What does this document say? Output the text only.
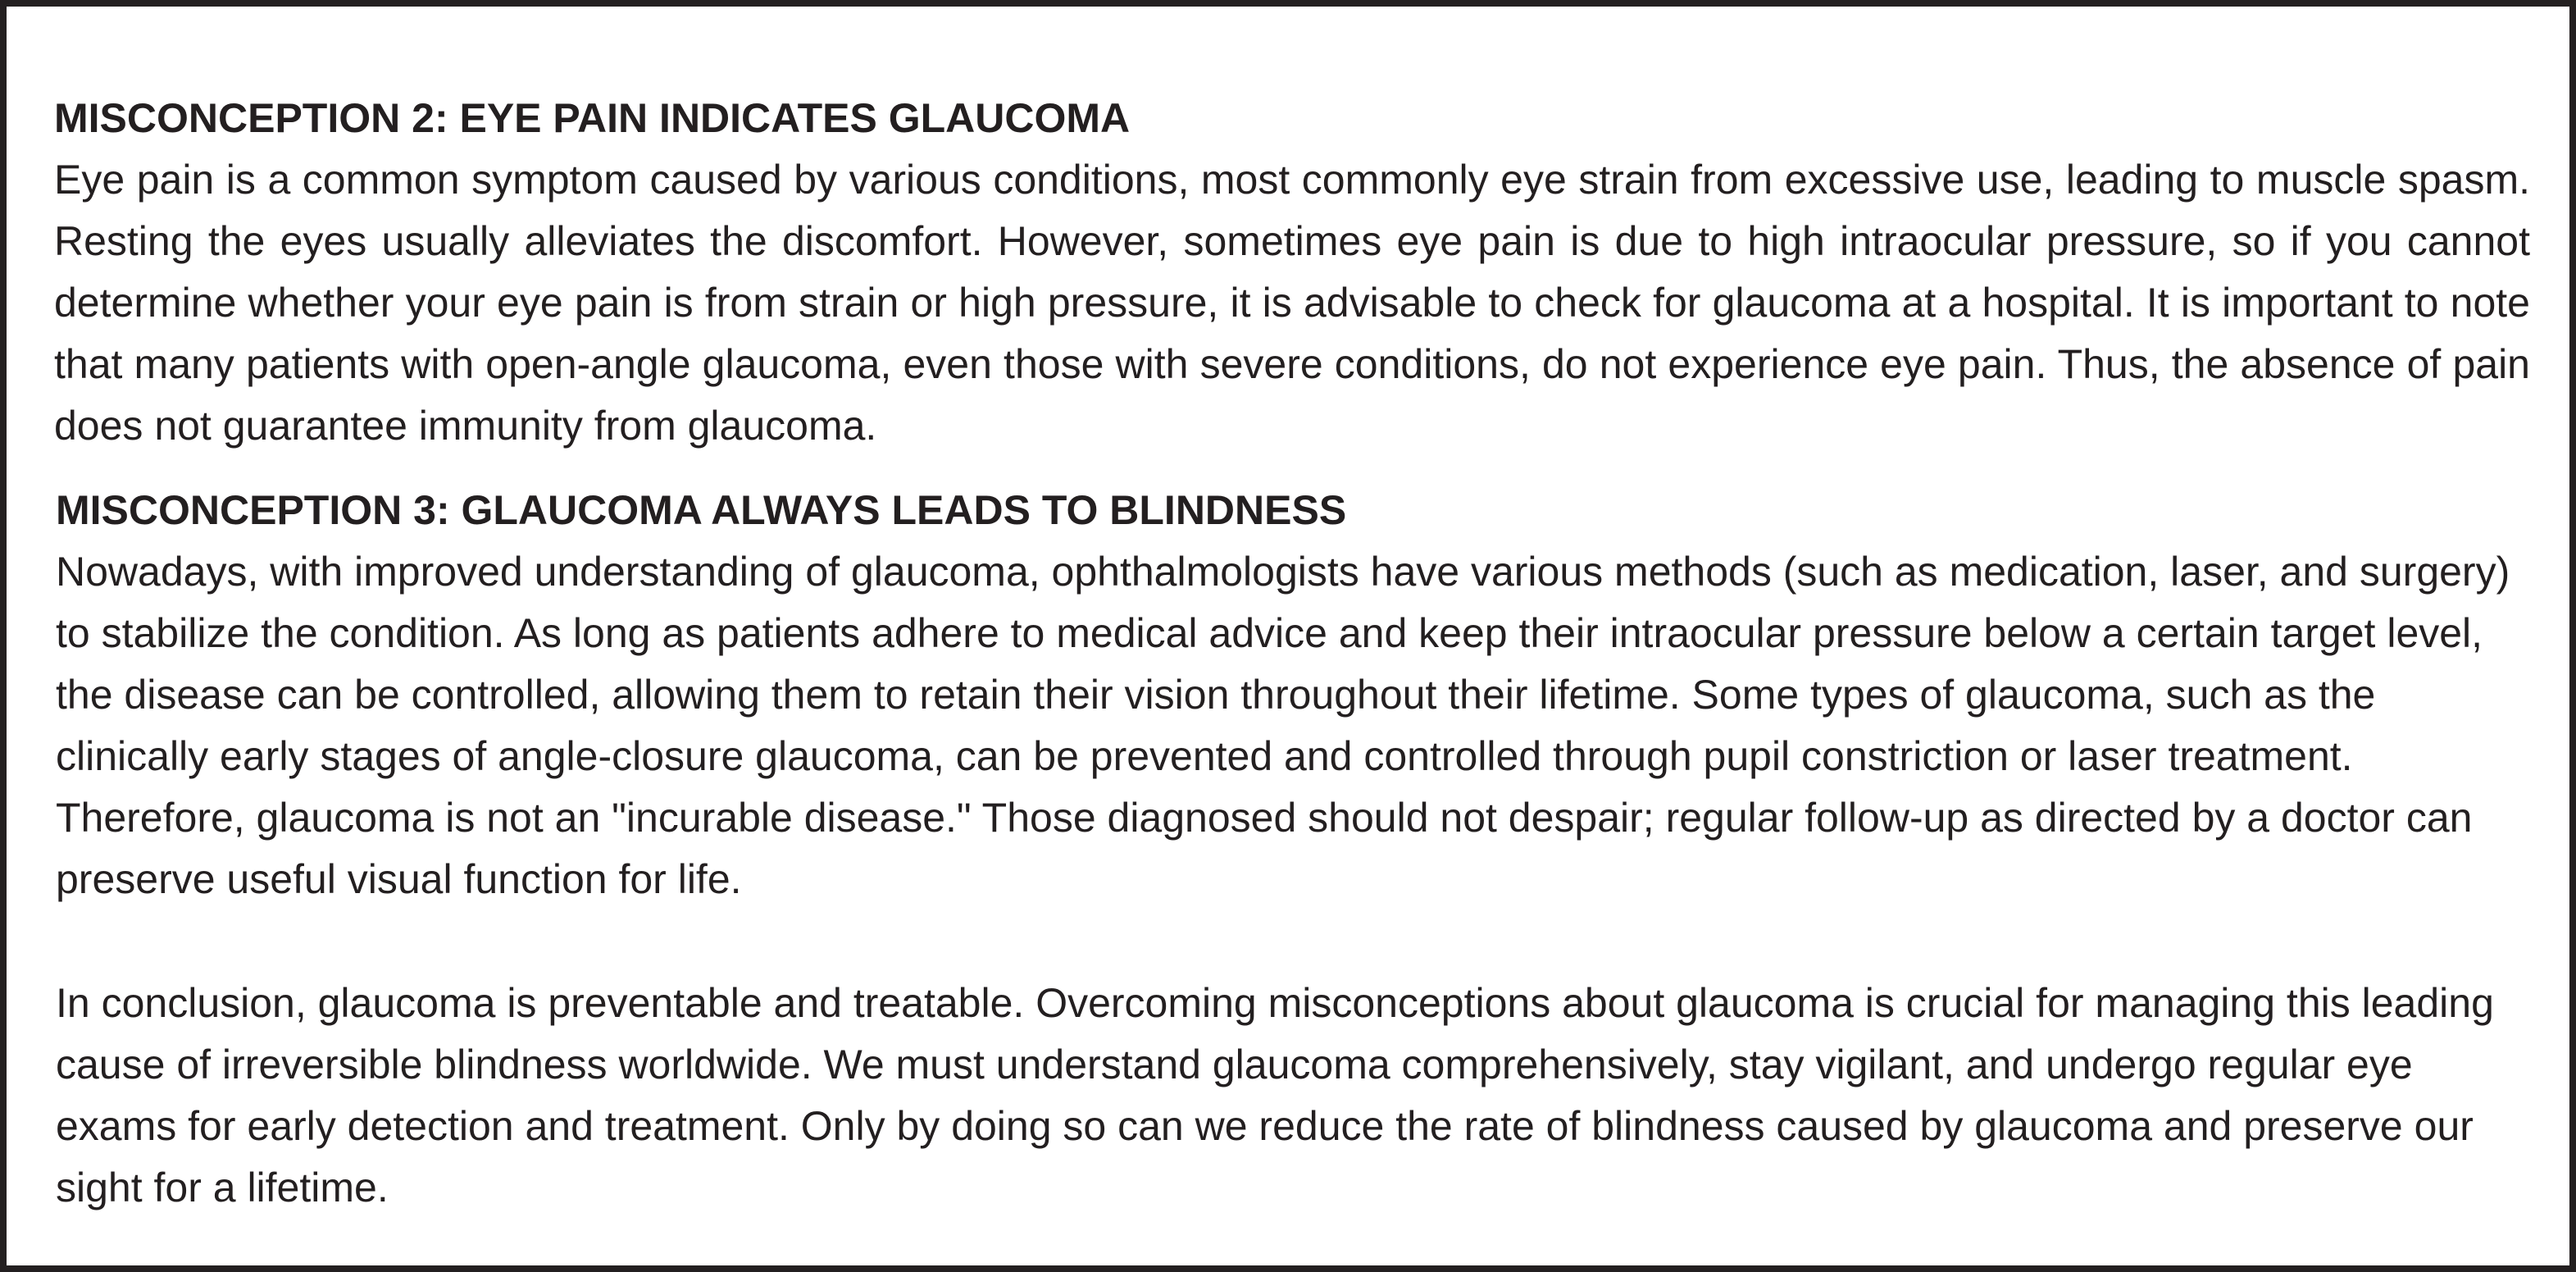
MISCONCEPTION 2: EYE PAIN INDICATES GLAUCOMA

Eye pain is a common symptom caused by various conditions, most commonly eye strain from excessive use, leading to muscle spasm. Resting the eyes usually alleviates the discomfort. However, sometimes eye pain is due to high intraocular pressure, so if you cannot determine whether your eye pain is from strain or high pressure, it is advisable to check for glaucoma at a hospital. It is important to note that many patients with open-angle glaucoma, even those with severe conditions, do not experience eye pain. Thus, the absence of pain does not guarantee immunity from glaucoma.

MISCONCEPTION 3: GLAUCOMA ALWAYS LEADS TO BLINDNESS

Nowadays, with improved understanding of glaucoma, ophthalmologists have various methods (such as medication, laser, and surgery) to stabilize the condition. As long as patients adhere to medical advice and keep their intraocular pressure below a certain target level, the disease can be controlled, allowing them to retain their vision throughout their lifetime. Some types of glaucoma, such as the clinically early stages of angle-closure glaucoma, can be prevented and controlled through pupil constriction or laser treatment. Therefore, glaucoma is not an "incurable disease." Those diagnosed should not despair; regular follow-up as directed by a doctor can preserve useful visual function for life.

In conclusion, glaucoma is preventable and treatable. Overcoming misconceptions about glaucoma is crucial for managing this leading cause of irreversible blindness worldwide. We must understand glaucoma comprehensively, stay vigilant, and undergo regular eye exams for early detection and treatment. Only by doing so can we reduce the rate of blindness caused by glaucoma and preserve our sight for a lifetime.
